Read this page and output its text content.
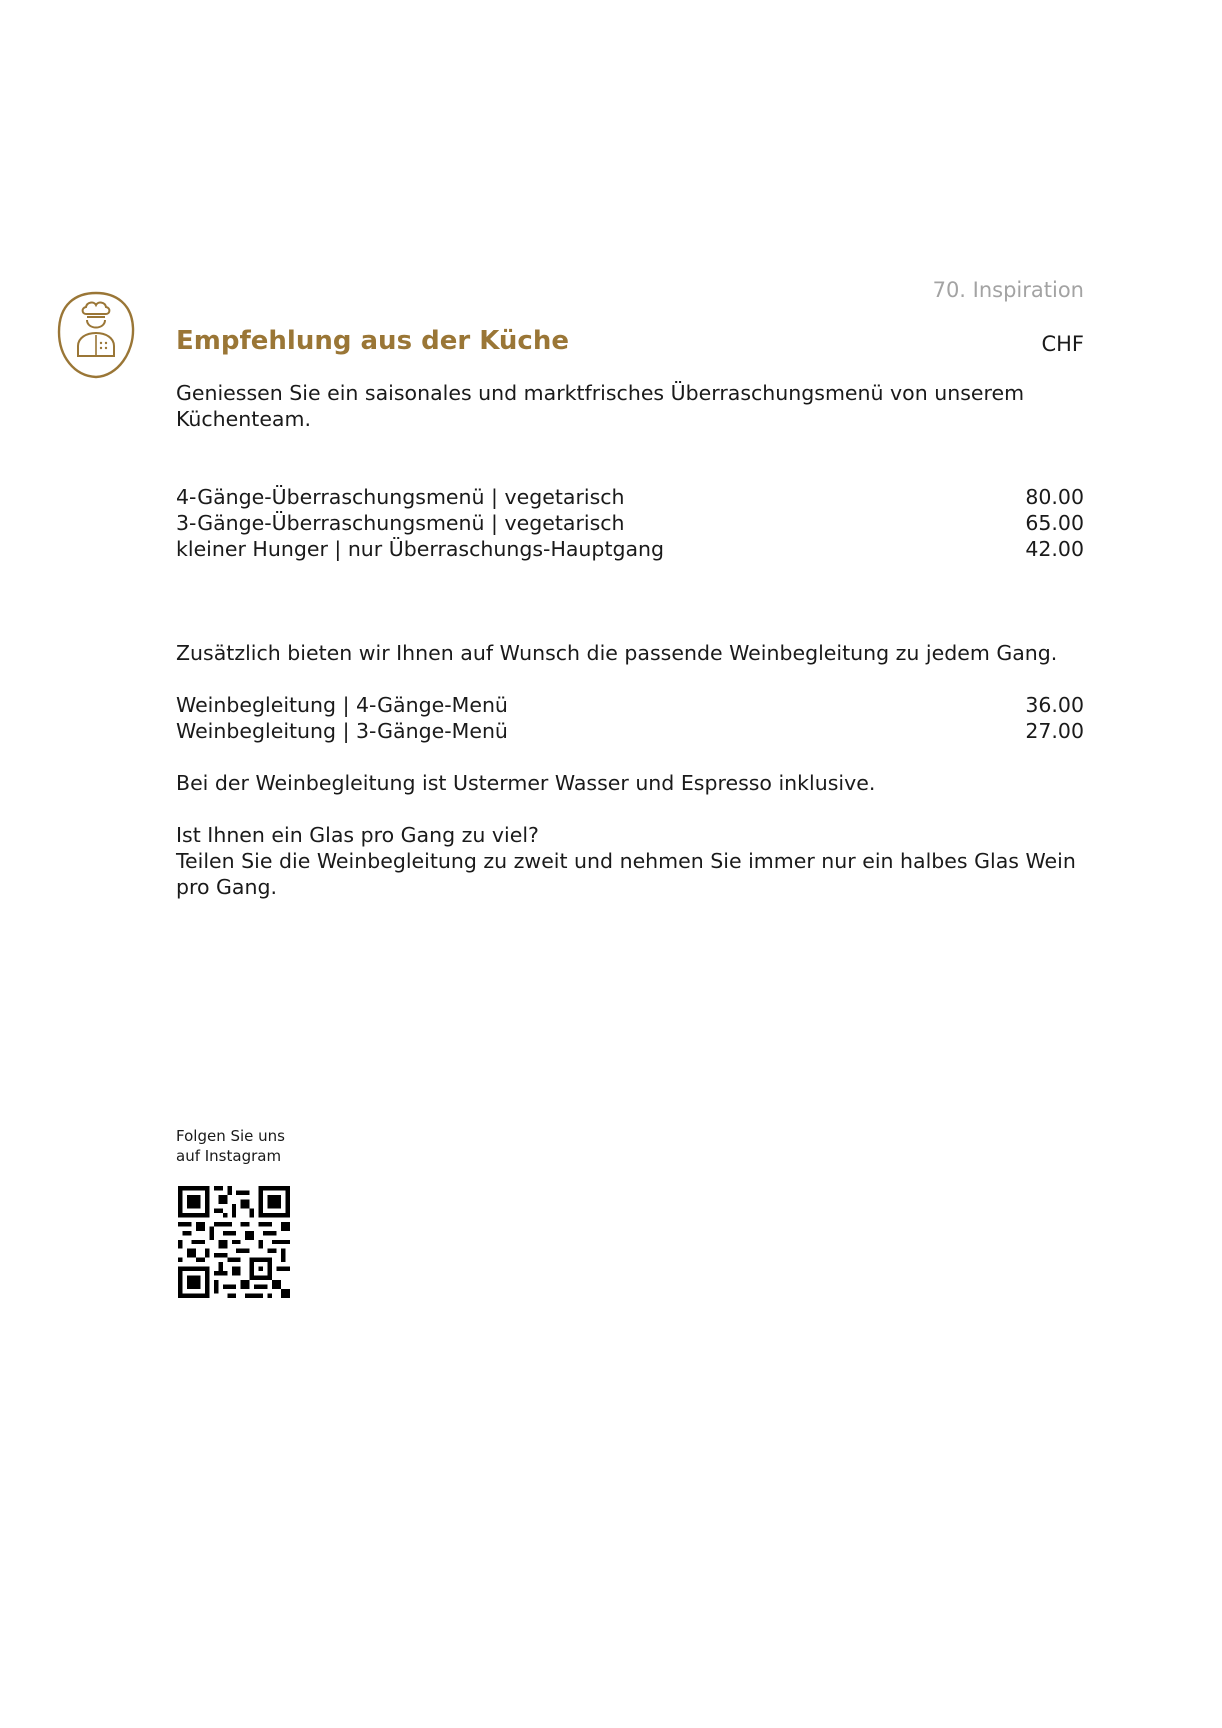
70. Inspiration
Empfehlung aus der Küche	CHF

Geniessen Sie ein saisonales und marktfrisches Überraschungsmenü von unserem Küchenteam.

4-Gänge-Überraschungsmenü | vegetarisch	80.00
3-Gänge-Überraschungsmenü | vegetarisch	65.00
kleiner Hunger | nur Überraschungs-Hauptgang	42.00

Zusätzlich bieten wir Ihnen auf Wunsch die passende Weinbegleitung zu jedem Gang.

Weinbegleitung | 4-Gänge-Menü	36.00
Weinbegleitung | 3-Gänge-Menü	27.00

Bei der Weinbegleitung ist Ustermer Wasser und Espresso inklusive.

Ist Ihnen ein Glas pro Gang zu viel?

Teilen Sie die Weinbegleitung zu zweit und nehmen Sie immer nur ein halbes Glas Wein pro Gang.

Folgen Sie uns
auf Instagram
